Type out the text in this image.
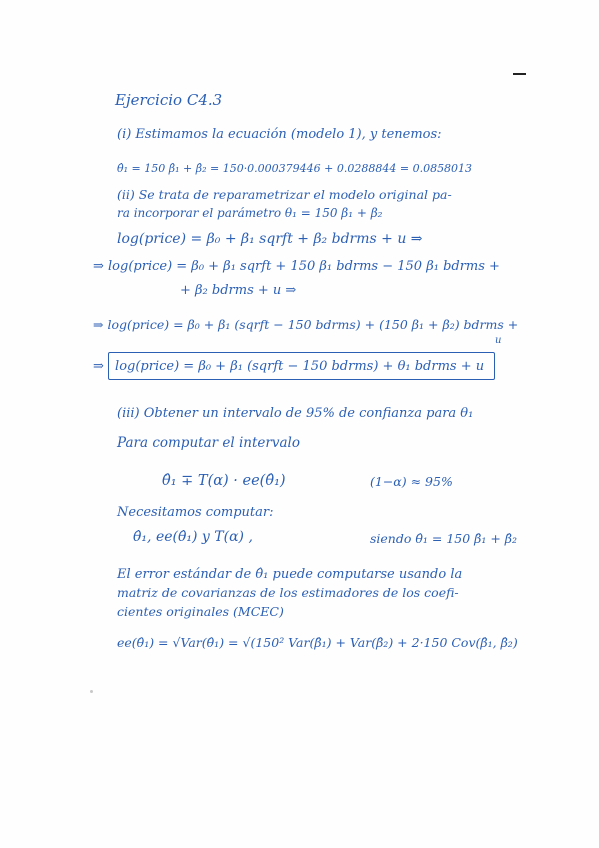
Ejercicio C4.3
(i) Estimamos la ecuación (modelo 1), y tenemos:
θ̂₁ = 150 β̂₁ + β̂₂ = 150·0.000379446 + 0.0288844 = 0.0858013
(ii) Se trata de reparametrizar el modelo original pa-
ra incorporar el parámetro θ₁ = 150 β₁ + β₂
log(price) = β₀ + β₁ sqrft + β₂ bdrms + u ⇒
⇒ log(price) = β₀ + β₁ sqrft + 150 β₁ bdrms − 150 β₁ bdrms +
+ β₂ bdrms + u ⇒
⇒ log(price) = β₀ + β₁ (sqrft − 150 bdrms) + (150 β₁ + β₂) bdrms +
u
⇒ log(price) = β₀ + β₁ (sqrft − 150 bdrms) + θ₁ bdrms + u
(iii) Obtener un intervalo de 95% de confianza para θ₁
Para computar el intervalo
θ̂₁ ∓ T(α) · ee(θ̂₁)	(1−α) ≈ 95%
Necesitamos computar:
θ̂₁, ee(θ̂₁) y T(α) ,	siendo θ̂₁ = 150 β̂₁ + β̂₂
El error estándar de θ̂₁ puede computarse usando la
matriz de covarianzas de los estimadores de los coefi-
cientes originales (MCEC)
ee(θ̂₁) = √Var(θ̂₁) = √(150² Var(β̂₁) + Var(β̂₂) + 2·150 Cov(β̂₁, β̂₂)
